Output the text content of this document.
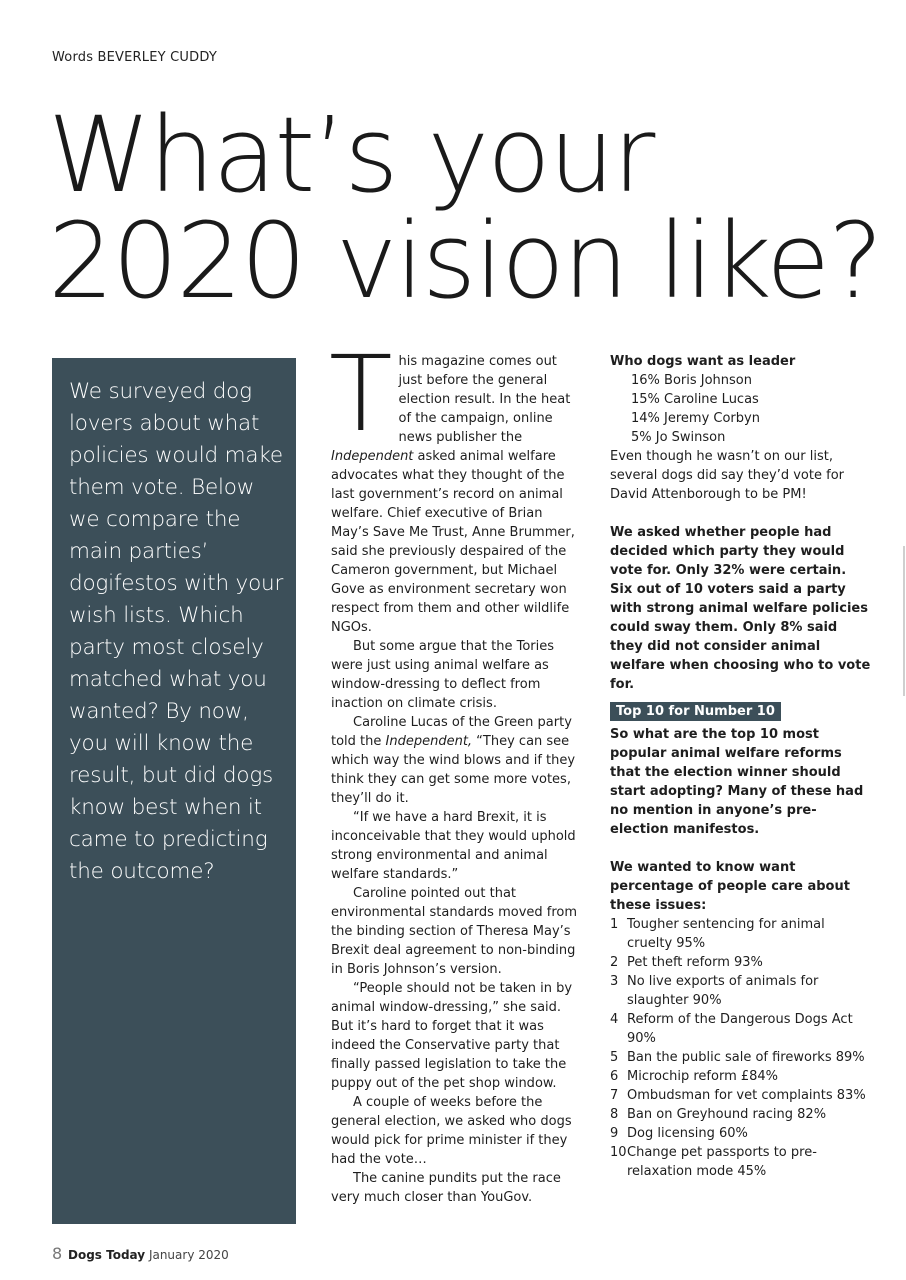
Words BEVERLEY CUDDY
What’s your
2020 vision like?

We surveyed dog lovers about what policies would make them vote. Below we compare the main parties’ dogifestos with your wish lists. Which party most closely matched what you wanted? By now, you will know the result, but did dogs know best when it came to predicting the outcome?

This magazine comes out just before the general election result. In the heat of the campaign, online news publisher the Independent asked animal welfare advocates what they thought of the last government’s record on animal welfare. Chief executive of Brian May’s Save Me Trust, Anne Brummer, said she previously despaired of the Cameron government, but Michael Gove as environment secretary won respect from them and other wildlife NGOs.

But some argue that the Tories were just using animal welfare as window-dressing to deflect from inaction on climate crisis.

Caroline Lucas of the Green party told the Independent, “They can see which way the wind blows and if they think they can get some more votes, they’ll do it.

“If we have a hard Brexit, it is inconceivable that they would uphold strong environmental and animal welfare standards.”

Caroline pointed out that environmental standards moved from the binding section of Theresa May’s Brexit deal agreement to non-binding in Boris Johnson’s version.

“People should not be taken in by animal window-dressing,” she said. But it’s hard to forget that it was indeed the Conservative party that finally passed legislation to take the puppy out of the pet shop window.

A couple of weeks before the general election, we asked who dogs would pick for prime minister if they had the vote…

The canine pundits put the race very much closer than YouGov.

Who dogs want as leader

16% Boris Johnson
15% Caroline Lucas
14% Jeremy Corbyn
5% Jo Swinson

Even though he wasn’t on our list, several dogs did say they’d vote for David Attenborough to be PM!

We asked whether people had decided which party they would vote for. Only 32% were certain. Six out of 10 voters said a party with strong animal welfare policies could sway them. Only 8% said they did not consider animal welfare when choosing who to vote for.

Top 10 for Number 10

So what are the top 10 most popular animal welfare reforms that the election winner should start adopting? Many of these had no mention in anyone’s pre-election manifestos.

We wanted to know want percentage of people care about these issues:

1 Tougher sentencing for animal cruelty 95%
2 Pet theft reform 93%
3 No live exports of animals for slaughter 90%
4 Reform of the Dangerous Dogs Act 90%
5 Ban the public sale of fireworks 89%
6 Microchip reform £84%
7 Ombudsman for vet complaints 83%
8 Ban on Greyhound racing 82%
9 Dog licensing 60%
10 Change pet passports to pre-relaxation mode 45%
8 Dogs Today January 2020
